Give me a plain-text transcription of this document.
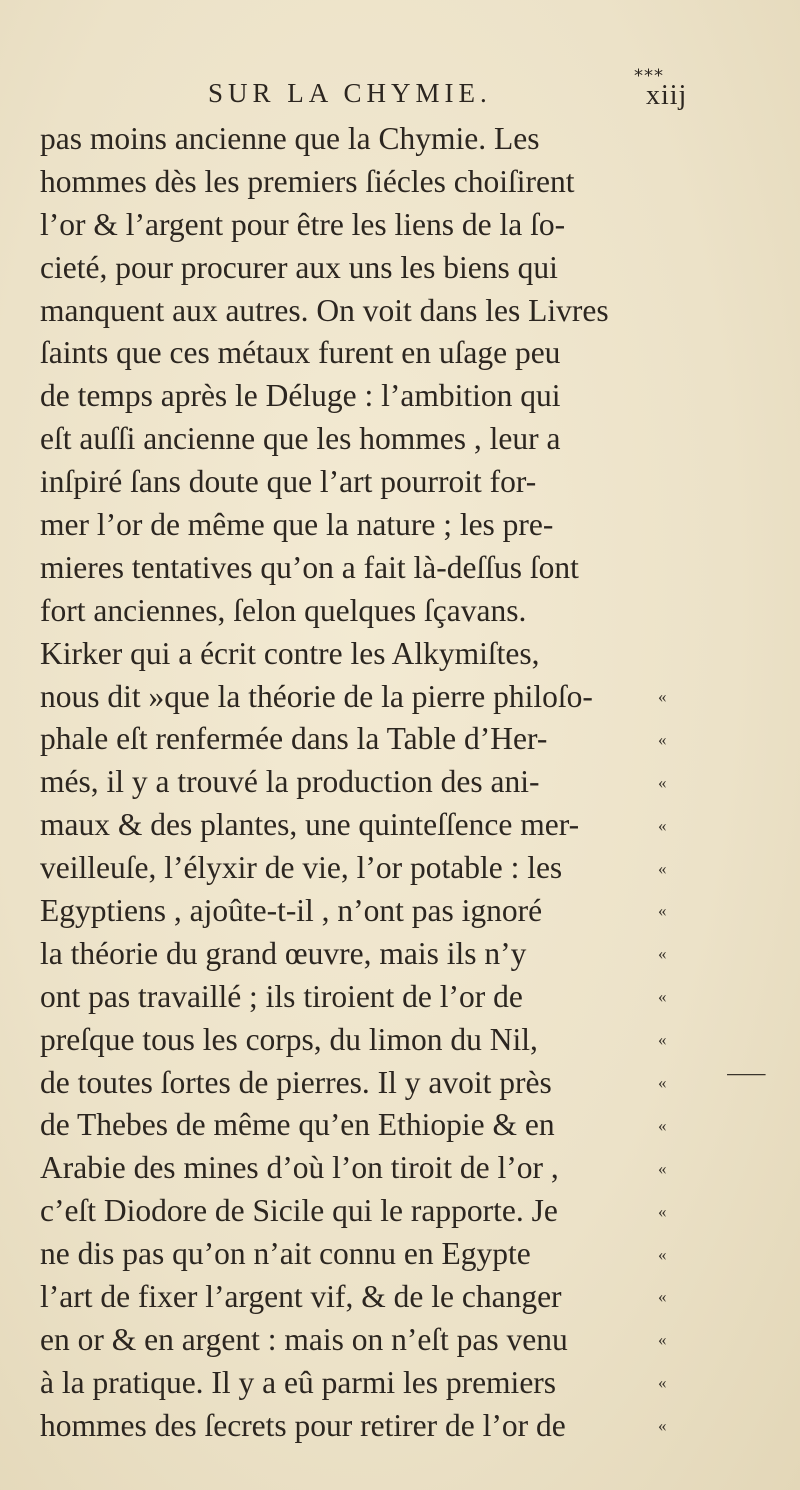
SUR LA CHYMIE.
⁎⁎⁎
xiij
pas moins ancienne que la Chymie. Les
hommes dès les premiers ſiécles choiſirent
l’or & l’argent pour être les liens de la ſo-
cieté, pour procurer aux uns les biens qui
manquent aux autres. On voit dans les Livres
ſaints que ces métaux furent en uſage peu
de temps après le Déluge : l’ambition qui
eſt auſſi ancienne que les hommes , leur a
inſpiré ſans doute que l’art pourroit for-
mer l’or de même que la nature ; les pre-
mieres tentatives qu’on a fait là-deſſus ſont
fort anciennes, ſelon quelques ſçavans.
Kirker qui a écrit contre les Alkymiſtes,
nous dit »que la théorie de la pierre philoſo-
phale eſt renfermée dans la Table d’Her-
més, il y a trouvé la production des ani-
maux & des plantes, une quinteſſence mer-
veilleuſe, l’élyxir de vie, l’or potable : les
Egyptiens , ajoûte-t-il , n’ont pas ignoré
la théorie du grand œuvre, mais ils n’y
ont pas travaillé ; ils tiroient de l’or de
preſque tous les corps, du limon du Nil,
de toutes ſortes de pierres. Il y avoit près
de Thebes de même qu’en Ethiopie & en
Arabie des mines d’où l’on tiroit de l’or ,
c’eſt Diodore de Sicile qui le rapporte. Je
ne dis pas qu’on n’ait connu en Egypte
l’art de fixer l’argent vif, & de le changer
en or & en argent : mais on n’eſt pas venu
à la pratique. Il y a eû parmi les premiers
hommes des ſecrets pour retirer de l’or de
«
«
«
«
«
«
«
«
«
«
«
«
«
«
«
«
«
«
⸺
